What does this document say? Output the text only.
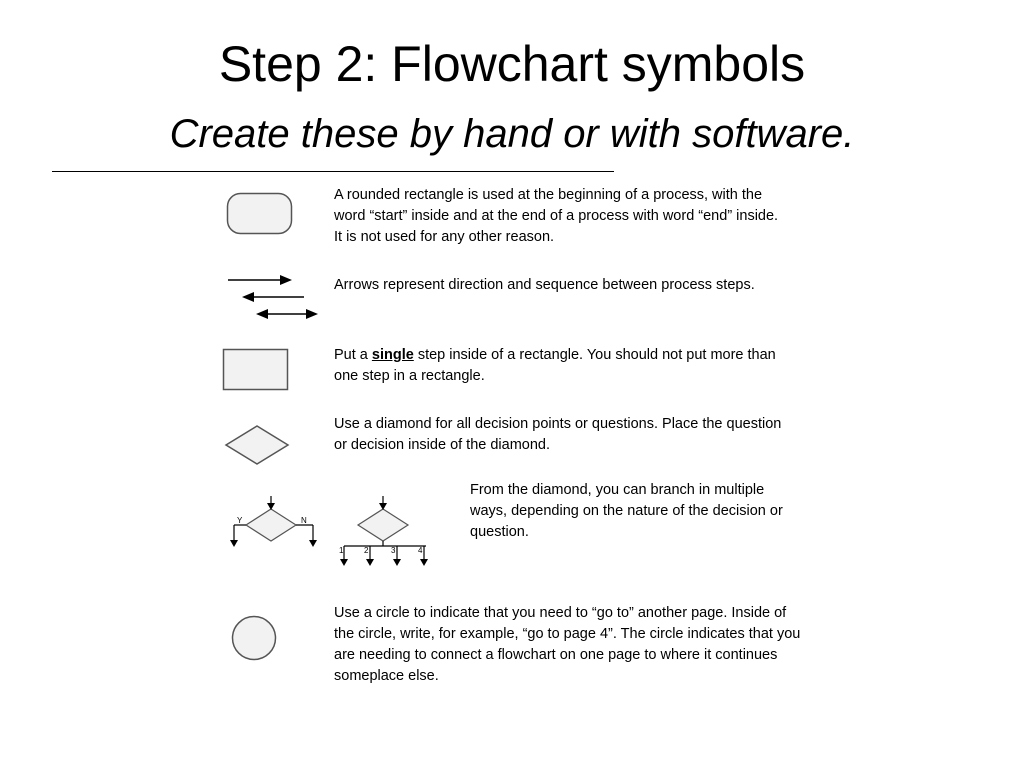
Step 2: Flowchart symbols
Create these by hand or with software.
A rounded rectangle is used at the beginning of a process, with the word “start” inside and at the end of a process with word “end” inside. It is not used for any other reason.
Arrows represent direction and sequence between process steps.
Put a single step inside of a rectangle. You should not put more than one step in a rectangle.
Use a diamond for all decision points or questions. Place the question or decision inside of the diamond.
Y	N
1	2	3	4
From the diamond, you can branch in multiple ways, depending on the nature of the decision or question.
Use a circle to indicate that you need to “go to” another page. Inside of the circle, write, for example, “go to page 4”. The circle indicates that you are needing to connect a flowchart on one page to where it continues someplace else.
